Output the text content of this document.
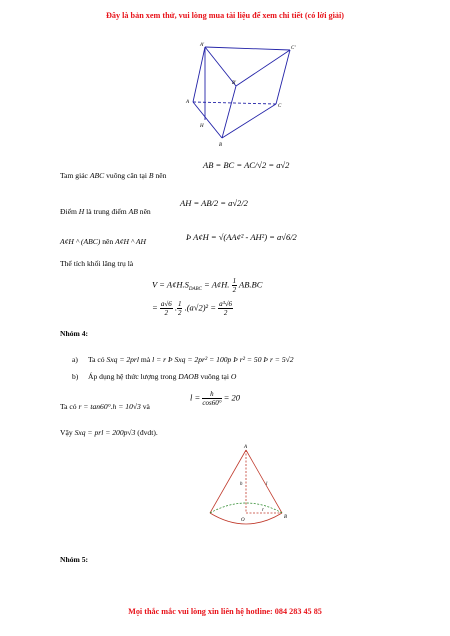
Đây là bản xem thử, vui lòng mua tài liệu để xem chi tiết (có lời giải)
A'
C'
B'
A
C
H
B
Tam giác ABC vuông cân tại B nên
AB = BC = AC/√2 = a√2
Điểm H là trung điểm AB nên
AH = AB/2 = a√2/2
A¢H ^ (ABC) nên A¢H ^ AH	Þ A¢H = √(AA¢² - AH²) = a√6/2
Thể tích khối lăng trụ là
$V = A¢H.S_{DABC}$ = A¢H. $\frac{1}{2} AB.BC$
= $\frac{a√6}{2}$ . $\frac{1}{2} .(a√2)^2 = \frac{\text{a³√6}}{2}$
Nhóm 4:
a) Ta có Sxq = 2prl mà l = r Þ Sxq = 2pr² = 100p Þ r² = 50 Þ r = 5√2
b) Áp dụng hệ thức lượng trong DAOB vuông tại O
Ta có r = tan60°.h = 10√3 và
$l = \frac{h}{\cos 60^\circ} = 20$
Vậy Sxq = prl = 200p√3 (đvdt).
A
h	l
O
r
B
Nhóm 5:
Mọi thắc mắc vui lòng xin liên hệ hotline: 084 283 45 85
